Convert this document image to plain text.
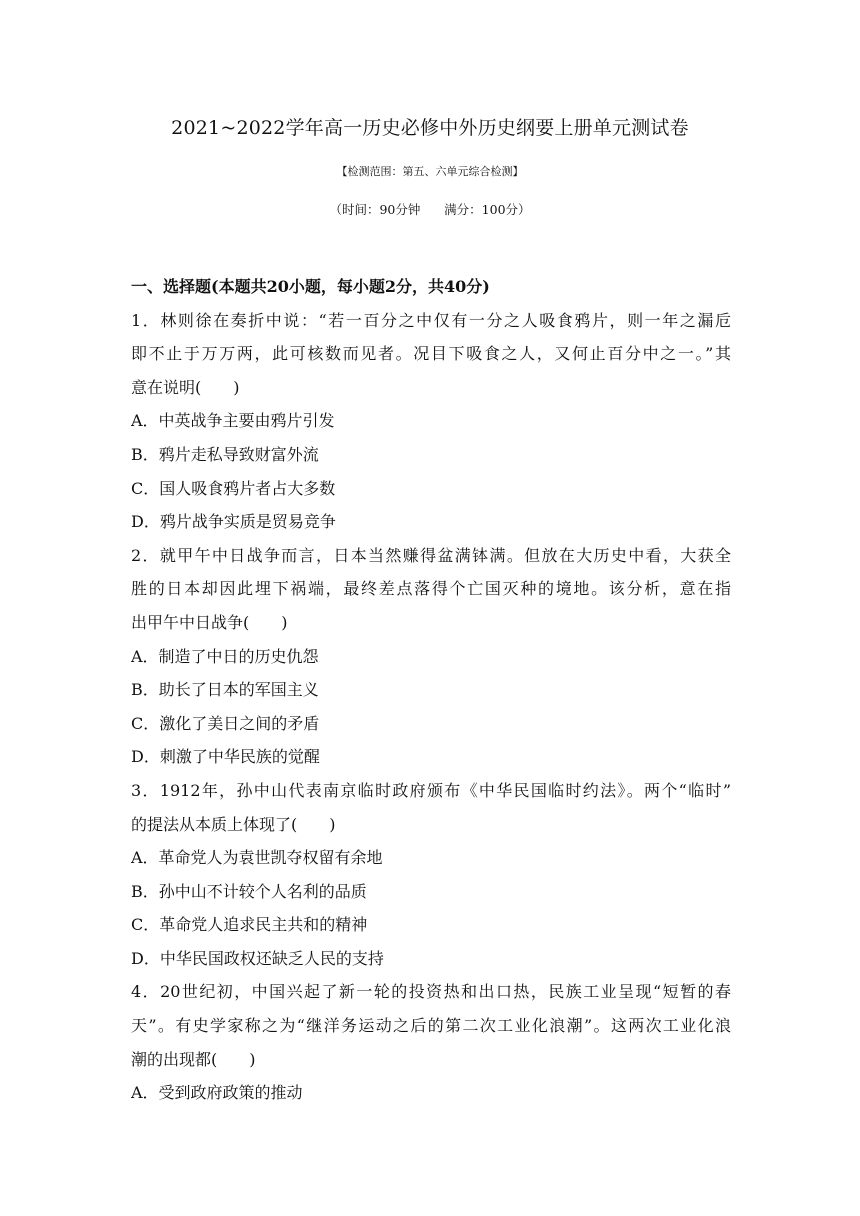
2021~2022学年高一历史必修中外历史纲要上册单元测试卷
【检测范围：第五、六单元综合检测】
（时间：90分钟      满分：100分）
一、选择题(本题共20小题，每小题2分，共40分)
1．林则徐在奏折中说：“若一百分之中仅有一分之人吸食鸦片，则一年之漏卮
即不止于万万两，此可核数而见者。况目下吸食之人，又何止百分中之一。”其
意在说明(　　)
A．中英战争主要由鸦片引发
B．鸦片走私导致财富外流
C．国人吸食鸦片者占大多数
D．鸦片战争实质是贸易竞争
2．就甲午中日战争而言，日本当然赚得盆满钵满。但放在大历史中看，大获全
胜的日本却因此埋下祸端，最终差点落得个亡国灭种的境地。该分析，意在指
出甲午中日战争(　　)
A．制造了中日的历史仇怨
B．助长了日本的军国主义
C．激化了美日之间的矛盾
D．刺激了中华民族的觉醒
3．1912年，孙中山代表南京临时政府颁布《中华民国临时约法》。两个“临时”
的提法从本质上体现了(　　)
A．革命党人为袁世凯夺权留有余地
B．孙中山不计较个人名利的品质
C．革命党人追求民主共和的精神
D．中华民国政权还缺乏人民的支持
4．20世纪初，中国兴起了新一轮的投资热和出口热，民族工业呈现“短暂的春
天”。有史学家称之为“继洋务运动之后的第二次工业化浪潮”。这两次工业化浪
潮的出现都(　　)
A．受到政府政策的推动
